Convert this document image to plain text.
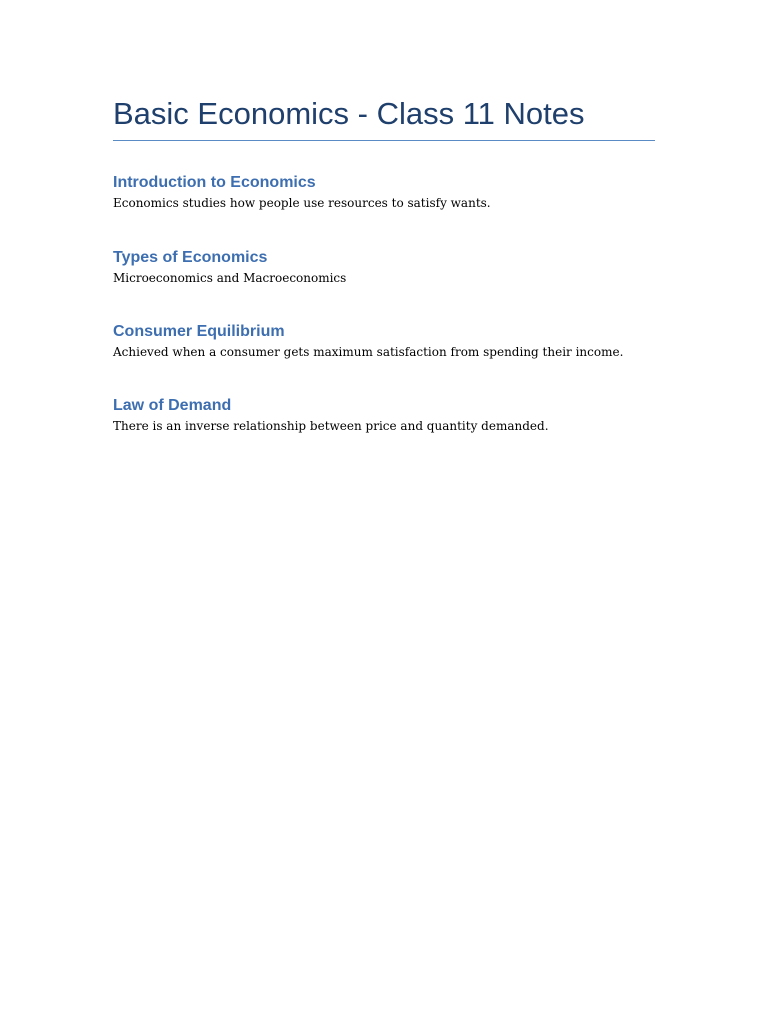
Basic Economics - Class 11 Notes
Introduction to Economics

Economics studies how people use resources to satisfy wants.

Types of Economics

Microeconomics and Macroeconomics

Consumer Equilibrium

Achieved when a consumer gets maximum satisfaction from spending their income.

Law of Demand

There is an inverse relationship between price and quantity demanded.
